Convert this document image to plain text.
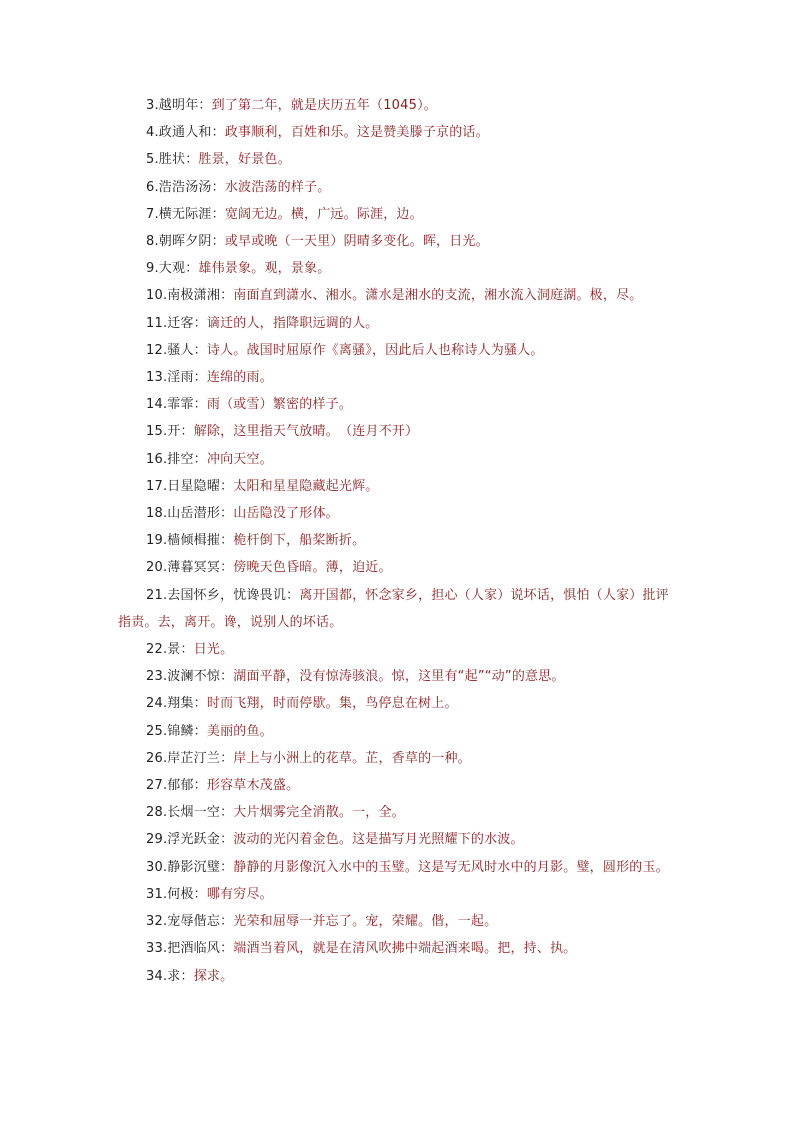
3.越明年：到了第二年，就是庆历五年（1045）。

4.政通人和：政事顺利，百姓和乐。这是赞美滕子京的话。

5.胜状：胜景，好景色。

6.浩浩汤汤：水波浩荡的样子。

7.横无际涯：宽阔无边。横，广远。际涯，边。

8.朝晖夕阴：或早或晚（一天里）阴晴多变化。晖，日光。

9.大观：雄伟景象。观，景象。

10.南极潇湘：南面直到潇水、湘水。潇水是湘水的支流，湘水流入洞庭湖。极，尽。

11.迁客：谪迁的人，指降职远调的人。

12.骚人：诗人。战国时屈原作《离骚》，因此后人也称诗人为骚人。

13.淫雨：连绵的雨。

14.霏霏：雨（或雪）繁密的样子。

15.开：解除，这里指天气放晴。　（连月不开）

16.排空：冲向天空。

17.日星隐曜：太阳和星星隐藏起光辉。

18.山岳潜形：山岳隐没了形体。

19.樯倾楫摧：桅杆倒下，船桨断折。

20.薄暮冥冥：傍晚天色昏暗。薄，迫近。

21.去国怀乡，忧谗畏讥：离开国都，怀念家乡，担心（人家）说坏话，惧怕（人家）批评指责。去，离开。谗，说别人的坏话。

22.景：日光。

23.波澜不惊：湖面平静，没有惊涛骇浪。惊，这里有“起”“动”的意思。

24.翔集：时而飞翔，时而停歇。集，鸟停息在树上。

25.锦鳞：美丽的鱼。

26.岸芷汀兰：岸上与小洲上的花草。芷，香草的一种。

27.郁郁：形容草木茂盛。

28.长烟一空：大片烟雾完全消散。一，全。

29.浮光跃金：波动的光闪着金色。这是描写月光照耀下的水波。

30.静影沉璧：静静的月影像沉入水中的玉璧。这是写无风时水中的月影。璧，圆形的玉。

31.何极：哪有穷尽。

32.宠辱偕忘：光荣和屈辱一并忘了。宠，荣耀。偕，一起。

33.把酒临风：端酒当着风，就是在清风吹拂中端起酒来喝。把，持、执。

34.求：探求。
